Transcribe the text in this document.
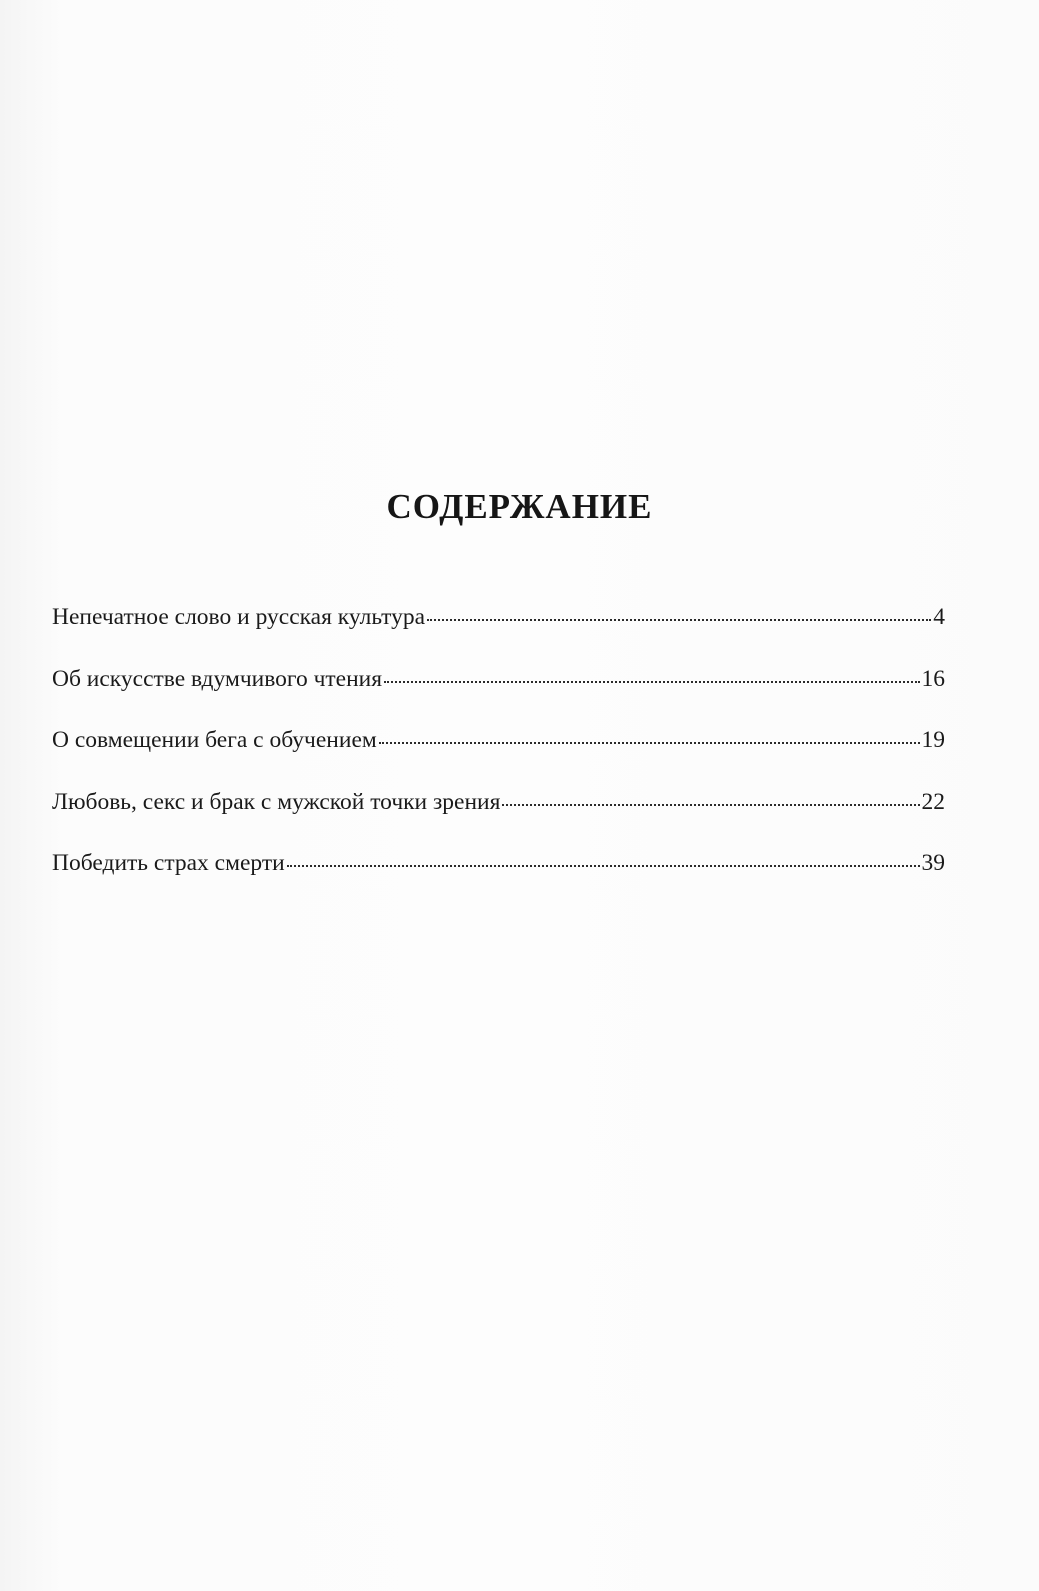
СОДЕРЖАНИЕ
Непечатное слово и русская культура	4
Об искусстве вдумчивого чтения	16
О совмещении бега с обучением	19
Любовь, секс и брак с мужской точки зрения	22
Победить страх смерти	39
